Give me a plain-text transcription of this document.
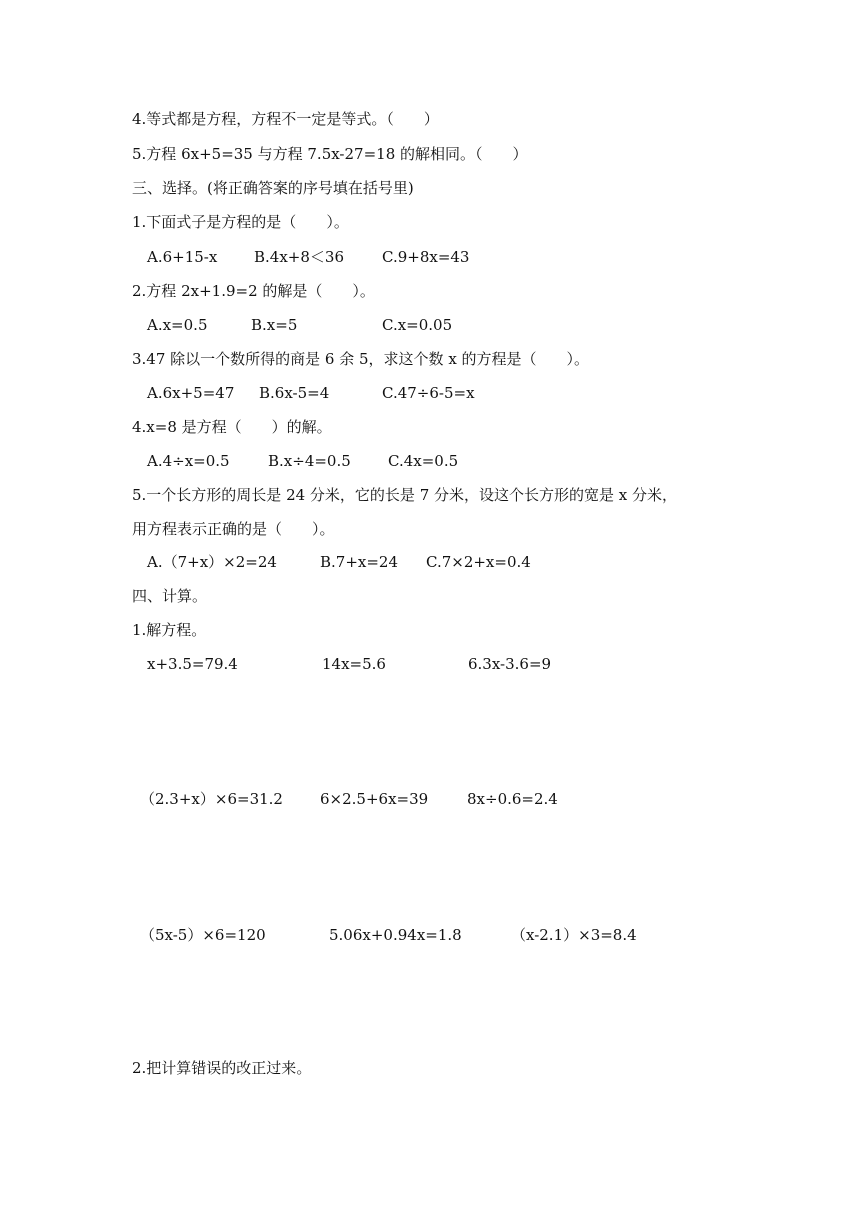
4.等式都是方程，方程不一定是等式。（　　）
5.方程 6x+5=35 与方程 7.5x-27=18 的解相同。（　　）
三、选择。(将正确答案的序号填在括号里)
1.下面式子是方程的是（　　）。
A.6+15-x B.4x+8＜36	C.9+8x=43
2.方程 2x+1.9=2 的解是（　　）。
A.x=0.5	B.x=5	C.x=0.05
3.47 除以一个数所得的商是 6 余 5，求这个数 x 的方程是（　　）。
A.6x+5=47 B.6x-5=4	C.47÷6-5=x
4.x=8 是方程（　　）的解。
A.4÷x=0.5	B.x÷4=0.5 C.4x=0.5
5.一个长方形的周长是 24 分米，它的长是 7 分米，设这个长方形的宽是 x 分米，
用方程表示正确的是（　　）。
A.（7+x）×2=24	B.7+x=24 C.7×2+x=0.4
四、计算。
1.解方程。
x+3.5=79.4	14x=5.6	6.3x-3.6=9
（2.3+x）×6=31.2 6×2.5+6x=39	8x÷0.6=2.4
（5x-5）×6=120	5.06x+0.94x=1.8	（x-2.1）×3=8.4
2.把计算错误的改正过来。
